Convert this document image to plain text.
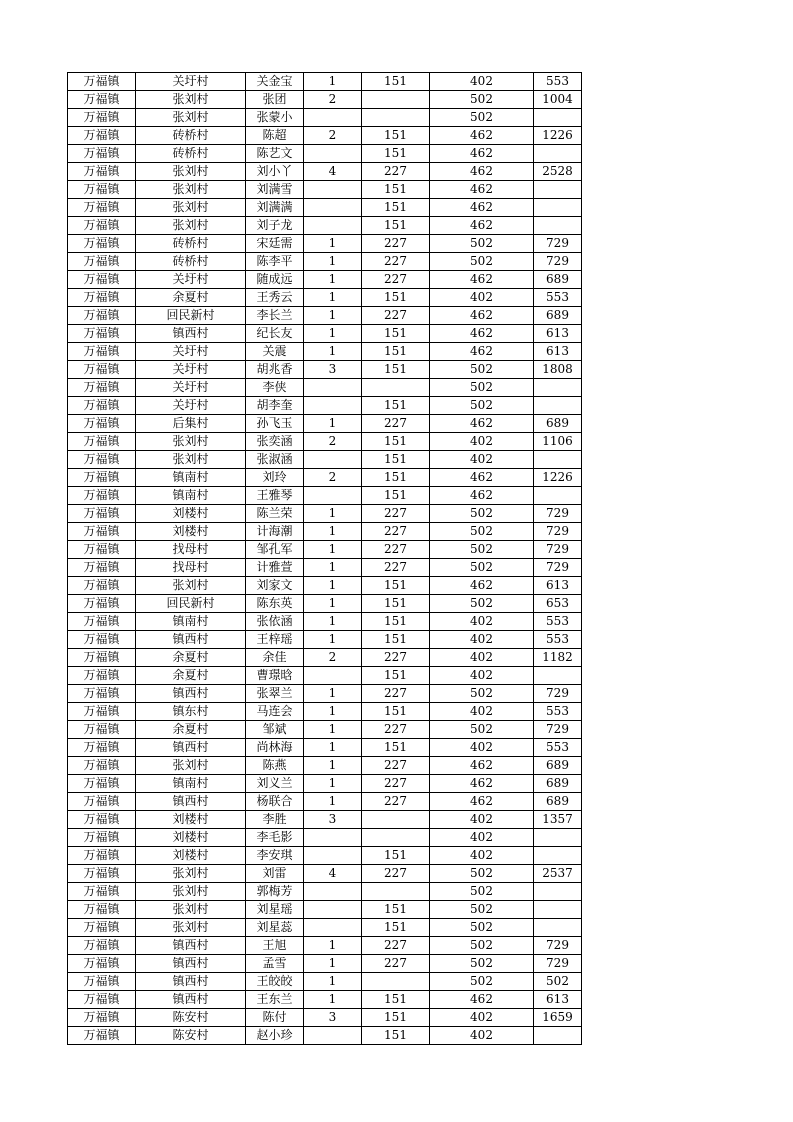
万福镇	关圩村	关金宝	1	151	402	553
万福镇	张刘村	张团	2		502	1004
万福镇	张刘村	张蒙小			502	
万福镇	砖桥村	陈超	2	151	462	1226
万福镇	砖桥村	陈艺文		151	462	
万福镇	张刘村	刘小丫	4	227	462	2528
万福镇	张刘村	刘满雪		151	462	
万福镇	张刘村	刘满满		151	462	
万福镇	张刘村	刘子龙		151	462	
万福镇	砖桥村	宋廷需	1	227	502	729
万福镇	砖桥村	陈李平	1	227	502	729
万福镇	关圩村	随成远	1	227	462	689
万福镇	余夏村	王秀云	1	151	402	553
万福镇	回民新村	李长兰	1	227	462	689
万福镇	镇西村	纪长友	1	151	462	613
万福镇	关圩村	关震	1	151	462	613
万福镇	关圩村	胡兆香	3	151	502	1808
万福镇	关圩村	李侠			502	
万福镇	关圩村	胡李奎		151	502	
万福镇	后集村	孙飞玉	1	227	462	689
万福镇	张刘村	张奕涵	2	151	402	1106
万福镇	张刘村	张淑涵		151	402	
万福镇	镇南村	刘玲	2	151	462	1226
万福镇	镇南村	王雅琴		151	462	
万福镇	刘楼村	陈兰荣	1	227	502	729
万福镇	刘楼村	计海潮	1	227	502	729
万福镇	找母村	邹孔军	1	227	502	729
万福镇	找母村	计雅萱	1	227	502	729
万福镇	张刘村	刘家文	1	151	462	613
万福镇	回民新村	陈东英	1	151	502	653
万福镇	镇南村	张依涵	1	151	402	553
万福镇	镇西村	王梓瑶	1	151	402	553
万福镇	余夏村	余佳	2	227	402	1182
万福镇	余夏村	曹璟晗		151	402	
万福镇	镇西村	张翠兰	1	227	502	729
万福镇	镇东村	马连会	1	151	402	553
万福镇	余夏村	邹斌	1	227	502	729
万福镇	镇西村	尚林海	1	151	402	553
万福镇	张刘村	陈燕	1	227	462	689
万福镇	镇南村	刘义兰	1	227	462	689
万福镇	镇西村	杨联合	1	227	462	689
万福镇	刘楼村	李胜	3		402	1357
万福镇	刘楼村	李毛影			402	
万福镇	刘楼村	李安琪		151	402	
万福镇	张刘村	刘雷	4	227	502	2537
万福镇	张刘村	郭梅芳			502	
万福镇	张刘村	刘星瑶		151	502	
万福镇	张刘村	刘星蕊		151	502	
万福镇	镇西村	王旭	1	227	502	729
万福镇	镇西村	孟雪	1	227	502	729
万福镇	镇西村	王皎皎	1		502	502
万福镇	镇西村	王东兰	1	151	462	613
万福镇	陈安村	陈付	3	151	402	1659
万福镇	陈安村	赵小珍		151	402	
